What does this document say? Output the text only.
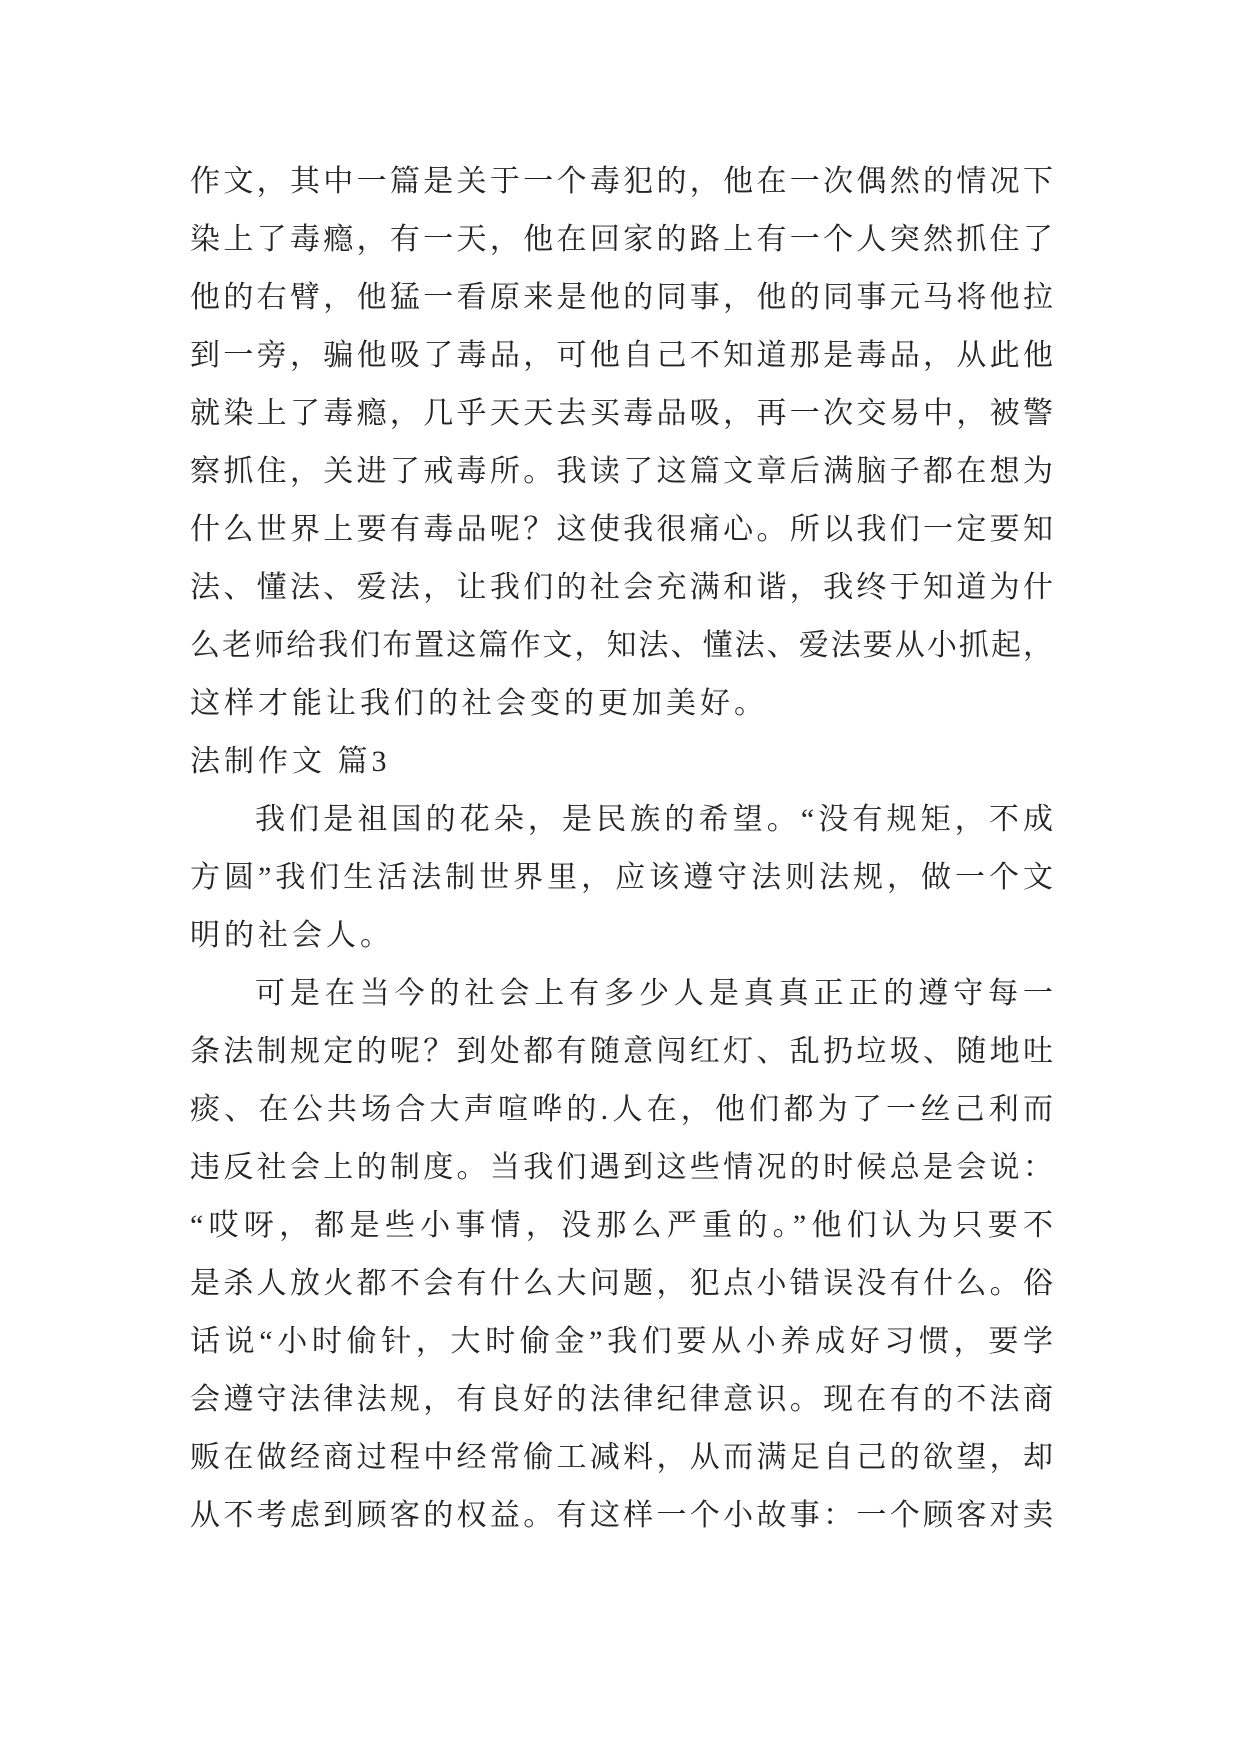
作文，其中一篇是关于一个毒犯的，他在一次偶然的情况下
染上了毒瘾，有一天，他在回家的路上有一个人突然抓住了
他的右臂，他猛一看原来是他的同事，他的同事元马将他拉
到一旁，骗他吸了毒品，可他自己不知道那是毒品，从此他
就染上了毒瘾，几乎天天去买毒品吸，再一次交易中，被警
察抓住，关进了戒毒所。我读了这篇文章后满脑子都在想为
什么世界上要有毒品呢？这使我很痛心。所以我们一定要知
法、懂法、爱法，让我们的社会充满和谐，我终于知道为什
么老师给我们布置这篇作文，知法、懂法、爱法要从小抓起，
这样才能让我们的社会变的更加美好。
法制作文 篇3
我们是祖国的花朵，是民族的希望。“没有规矩，不成
方圆”我们生活法制世界里，应该遵守法则法规，做一个文
明的社会人。
可是在当今的社会上有多少人是真真正正的遵守每一
条法制规定的呢？到处都有随意闯红灯、乱扔垃圾、随地吐
痰、在公共场合大声喧哗的.人在，他们都为了一丝己利而
违反社会上的制度。当我们遇到这些情况的时候总是会说：
“哎呀，都是些小事情，没那么严重的。”他们认为只要不
是杀人放火都不会有什么大问题，犯点小错误没有什么。俗
话说“小时偷针，大时偷金”我们要从小养成好习惯，要学
会遵守法律法规，有良好的法律纪律意识。现在有的不法商
贩在做经商过程中经常偷工减料，从而满足自己的欲望，却
从不考虑到顾客的权益。有这样一个小故事：一个顾客对卖
